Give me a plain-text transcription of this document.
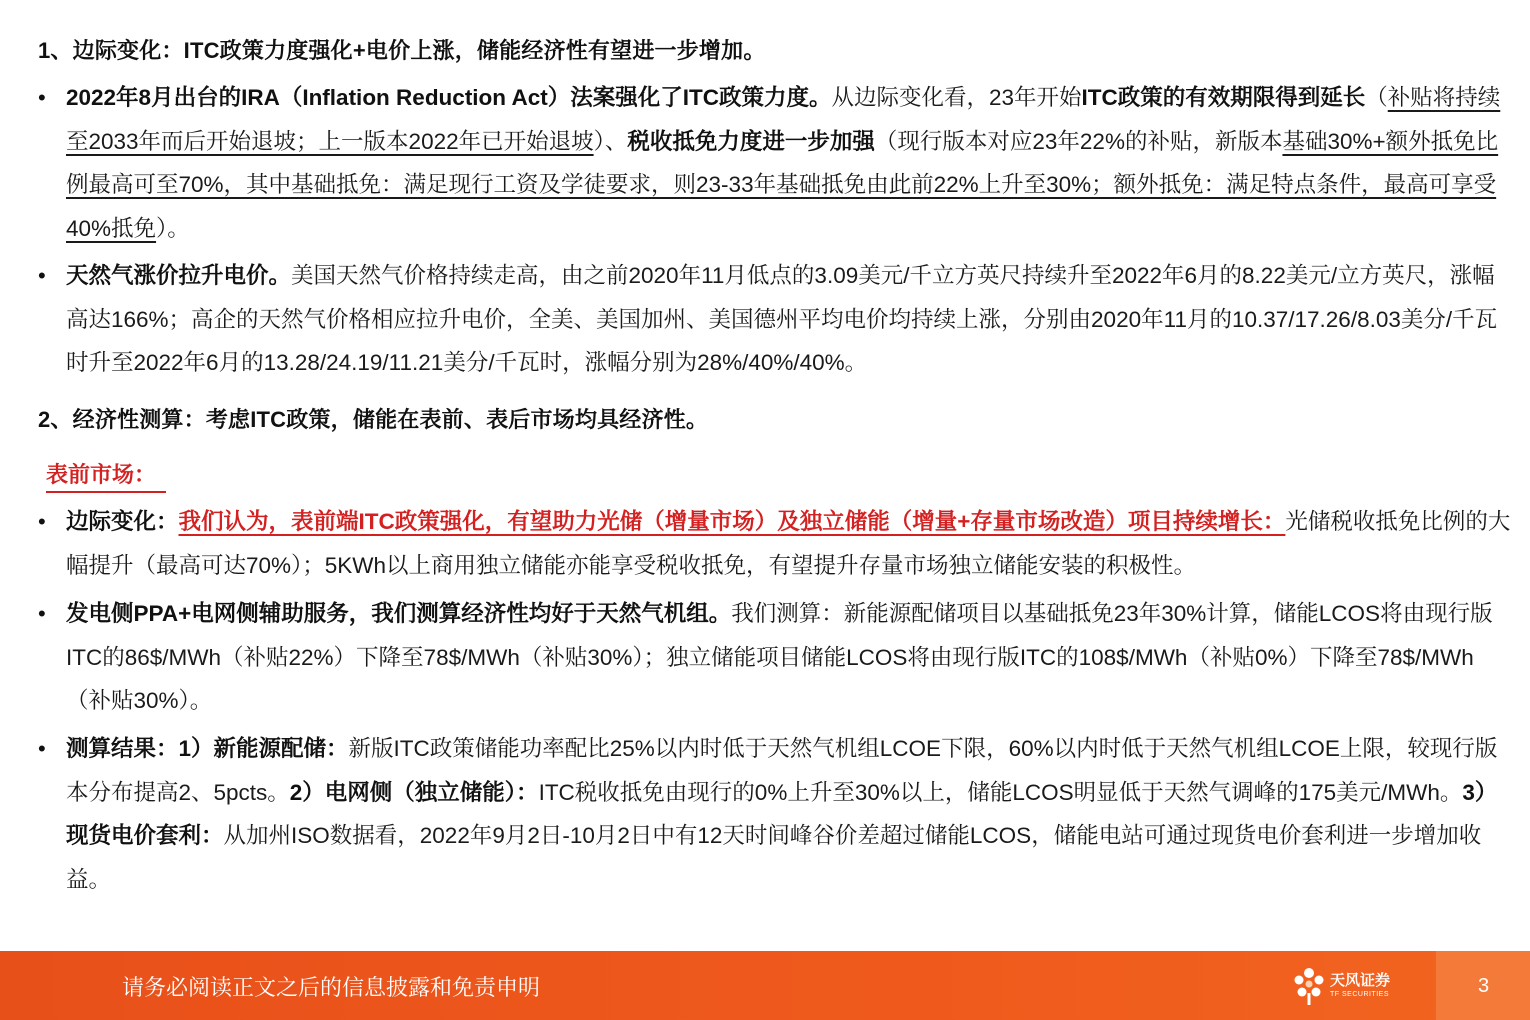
1、边际变化：ITC政策力度强化+电价上涨，储能经济性有望进一步增加。
• 2022年8月出台的IRA（Inflation Reduction Act）法案强化了ITC政策力度。从边际变化看，23年开始ITC政策的有效期限得到延长（补贴将持续至2033年而后开始退坡；上一版本2022年已开始退坡）、税收抵免力度进一步加强（现行版本对应23年22%的补贴，新版本基础30%+额外抵免比例最高可至70%，其中基础抵免：满足现行工资及学徒要求，则23-33年基础抵免由此前22%上升至30%；额外抵免：满足特点条件，最高可享受40%抵免）。
• 天然气涨价拉升电价。美国天然气价格持续走高，由之前2020年11月低点的3.09美元/千立方英尺持续升至2022年6月的8.22美元/立方英尺，涨幅高达166%；高企的天然气价格相应拉升电价，全美、美国加州、美国德州平均电价均持续上涨，分别由2020年11月的10.37/17.26/8.03美分/千瓦时升至2022年6月的13.28/24.19/11.21美分/千瓦时，涨幅分别为28%/40%/40%。
2、经济性测算：考虑ITC政策，储能在表前、表后市场均具经济性。
表前市场：
• 边际变化：我们认为，表前端ITC政策强化，有望助力光储（增量市场）及独立储能（增量+存量市场改造）项目持续增长：光储税收抵免比例的大幅提升（最高可达70%）；5KWh以上商用独立储能亦能享受税收抵免，有望提升存量市场独立储能安装的积极性。
• 发电侧PPA+电网侧辅助服务，我们测算经济性均好于天然气机组。我们测算：新能源配储项目以基础抵免23年30%计算，储能LCOS将由现行版ITC的86$/MWh（补贴22%）下降至78$/MWh（补贴30%）；独立储能项目储能LCOS将由现行版ITC的108$/MWh（补贴0%）下降至78$/MWh（补贴30%）。
• 测算结果：1）新能源配储：新版ITC政策储能功率配比25%以内时低于天然气机组LCOE下限，60%以内时低于天然气机组LCOE上限，较现行版本分布提高2、5pcts。2）电网侧（独立储能）：ITC税收抵免由现行的0%上升至30%以上，储能LCOS明显低于天然气调峰的175美元/MWh。3）现货电价套利：从加州ISO数据看，2022年9月2日-10月2日中有12天时间峰谷价差超过储能LCOS，储能电站可通过现货电价套利进一步增加收益。
请务必阅读正文之后的信息披露和免责申明	天风证券
TF SECURITIES	3
